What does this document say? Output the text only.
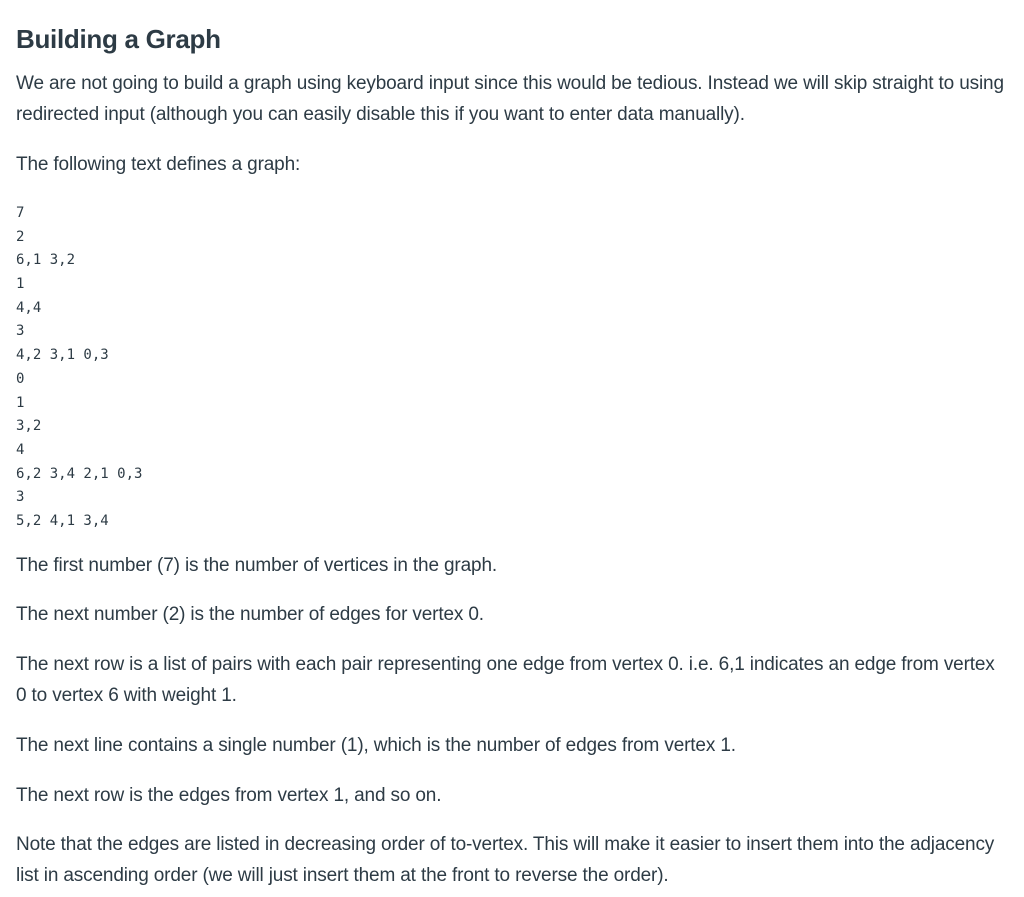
Building a Graph

We are not going to build a graph using keyboard input since this would be tedious. Instead we will skip straight to using redirected input (although you can easily disable this if you want to enter data manually).

The following text defines a graph:

7
2
6,1 3,2
1
4,4
3
4,2 3,1 0,3
0
1
3,2
4
6,2 3,4 2,1 0,3
3
5,2 4,1 3,4

The first number (7) is the number of vertices in the graph.

The next number (2) is the number of edges for vertex 0.

The next row is a list of pairs with each pair representing one edge from vertex 0. i.e. 6,1 indicates an edge from vertex 0 to vertex 6 with weight 1.

The next line contains a single number (1), which is the number of edges from vertex 1.

The next row is the edges from vertex 1, and so on.

Note that the edges are listed in decreasing order of to-vertex. This will make it easier to insert them into the adjacency list in ascending order (we will just insert them at the front to reverse the order).
